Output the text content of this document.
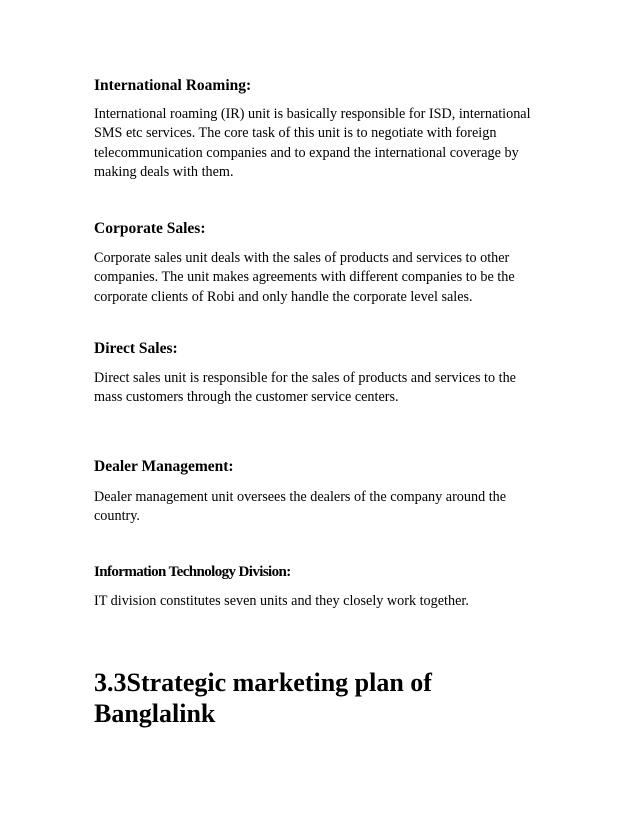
International Roaming:

International roaming (IR) unit is basically responsible for ISD, international
SMS etc services. The core task of this unit is to negotiate with foreign
telecommunication companies and to expand the international coverage by
making deals with them.

Corporate Sales:

Corporate sales unit deals with the sales of products and services to other
companies. The unit makes agreements with different companies to be the
corporate clients of Robi and only handle the corporate level sales.

Direct Sales:

Direct sales unit is responsible for the sales of products and services to the
mass customers through the customer service centers.

Dealer Management:

Dealer management unit oversees the dealers of the company around the
country.

Information Technology Division:

IT division constitutes seven units and they closely work together.

3.3Strategic marketing plan of
Banglalink
